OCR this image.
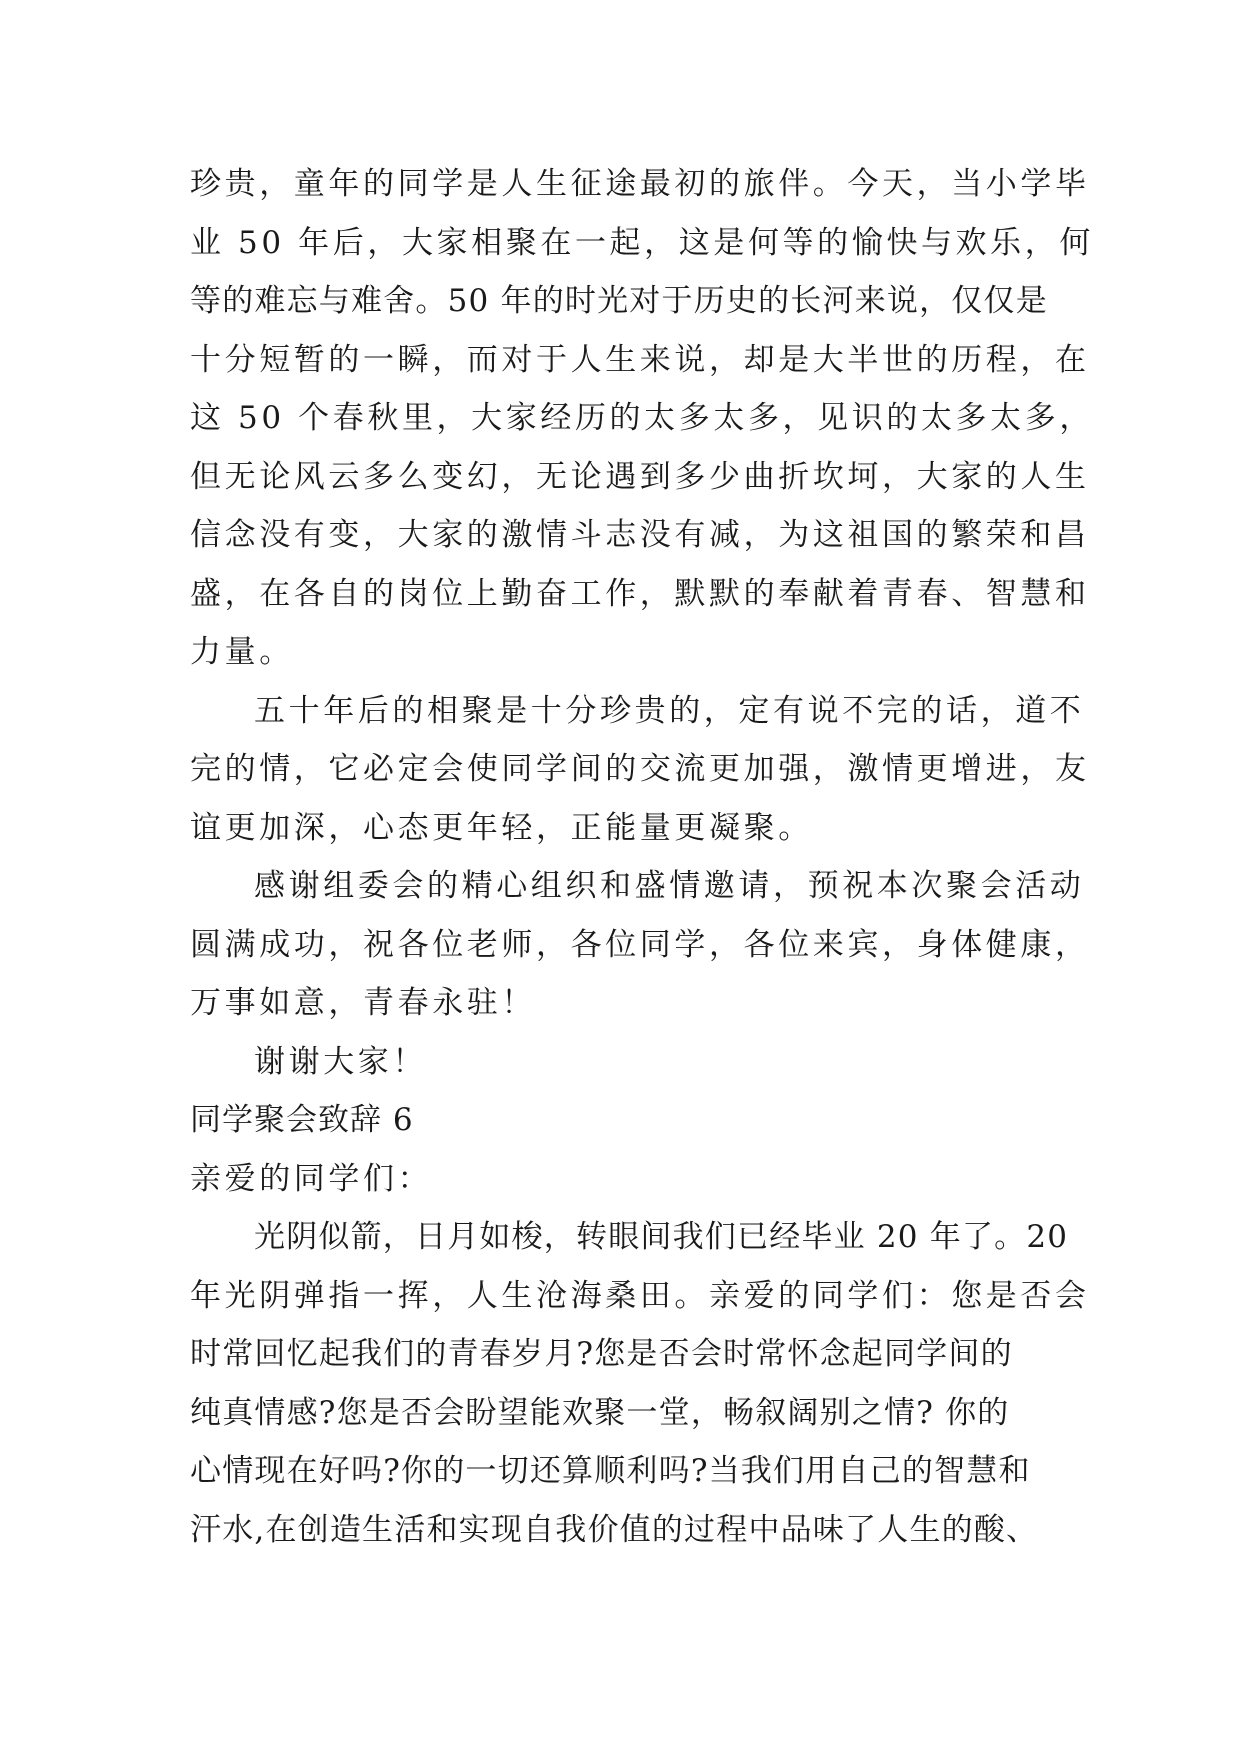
珍贵，童年的同学是人生征途最初的旅伴。今天，当小学毕
业 50 年后，大家相聚在一起，这是何等的愉快与欢乐，何
等的难忘与难舍。50 年的时光对于历史的长河来说，仅仅是
十分短暂的一瞬，而对于人生来说，却是大半世的历程，在
这 50 个春秋里，大家经历的太多太多，见识的太多太多，
但无论风云多么变幻，无论遇到多少曲折坎坷，大家的人生
信念没有变，大家的激情斗志没有减，为这祖国的繁荣和昌
盛，在各自的岗位上勤奋工作，默默的奉献着青春、智慧和
力量。
五十年后的相聚是十分珍贵的，定有说不完的话，道不
完的情，它必定会使同学间的交流更加强，激情更增进，友
谊更加深，心态更年轻，正能量更凝聚。
感谢组委会的精心组织和盛情邀请，预祝本次聚会活动
圆满成功，祝各位老师，各位同学，各位来宾，身体健康，
万事如意，青春永驻！
谢谢大家！
同学聚会致辞 6
亲爱的同学们：
光阴似箭，日月如梭，转眼间我们已经毕业 20 年了。20
年光阴弹指一挥，人生沧海桑田。亲爱的同学们：您是否会
时常回忆起我们的青春岁月?您是否会时常怀念起同学间的
纯真情感?您是否会盼望能欢聚一堂，畅叙阔别之情? 你的
心情现在好吗?你的一切还算顺利吗?当我们用自己的智慧和
汗水,在创造生活和实现自我价值的过程中品味了人生的酸、
